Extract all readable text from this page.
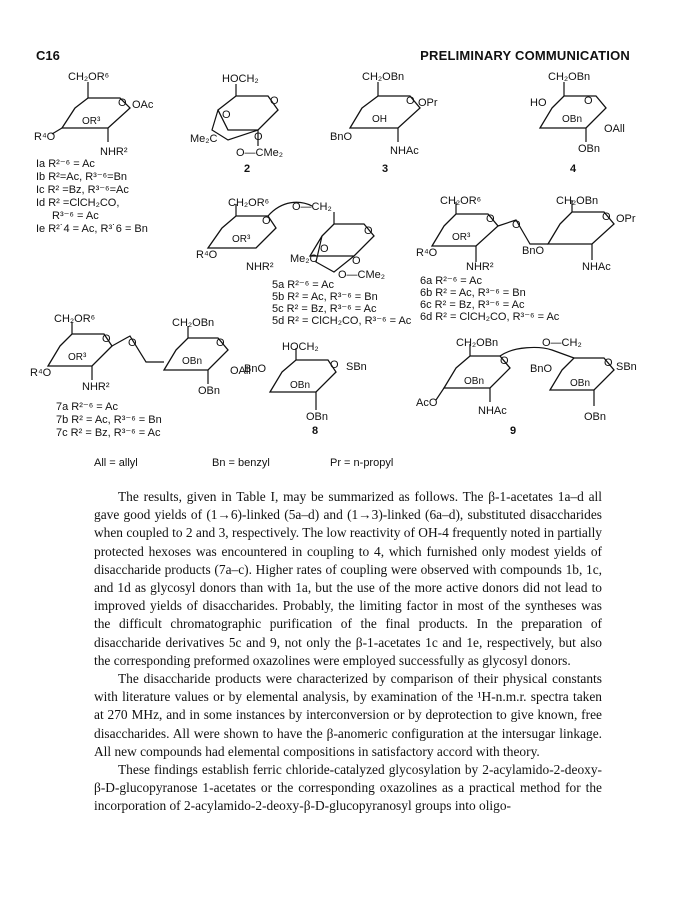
C16	PRELIMINARY COMMUNICATION
CH₂OR⁶
O OAc
OR³
R⁴O
NHR²
Ia R²⁻⁶ = Ac
Ib R²=Ac, R³⁻⁶=Bn
Ic R² =Bz, R³⁻⁶=Ac
Id R² =ClCH₂CO,
R³⁻⁶ = Ac
Ie R²˙4 = Ac, R³˙6 = Bn
HOCH₂
O
O
O
Me₂C
O—CMe₂
2
CH₂OBn
O OPr
OH
BnO
NHAc
3
CH₂OBn
O
HO
OBn
OAll
OBn
4
CH₂OR⁶ O—CH₂
O
O
OR³
R⁴O	Me₂C
NHR²
O
O
O—CMe₂
5a R²⁻⁶ = Ac
5b R² = Ac, R³⁻⁶ = Bn
5c R² = Bz, R³⁻⁶ = Ac
5d R² = ClCH₂CO, R³⁻⁶ = Ac
CH₂OR⁶	CH₂OBn
O	O
O	OPr
OR³
R⁴O	BnO
NHR²	NHAc
6a R²⁻⁶ = Ac
6b R² = Ac, R³⁻⁶ = Bn
6c R² = Bz, R³⁻⁶ = Ac
6d R² = ClCH₂CO, R³⁻⁶ = Ac
CH₂OR⁶	CH₂OBn
O	O
O
OR³
R⁴O
OBn
OAll
NHR²	OBn
7a R²⁻⁶ = Ac
7b R² = Ac, R³⁻⁶ = Bn
7c R² = Bz, R³⁻⁶ = Ac
HOCH₂
O SBn
BnO
OBn
OBn
8
CH₂OBn	O—CH₂
O	O SBn
OBn
BnO
OBn
AcO
NHAc	OBn
9
All = allyl	Bn = benzyl	Pr = n-propyl

The results, given in Table I, may be summarized as follows. The β-1-acetates 1a–d all gave good yields of (1→6)-linked (5a–d) and (1→3)-linked (6a–d), substituted disaccharides when coupled to 2 and 3, respectively. The low reactivity of OH-4 frequently noted in partially protected hexoses was encountered in coupling to 4, which furnished only modest yields of disaccharide products (7a–c). Higher rates of coupling were observed with compounds 1b, 1c, and 1d as glycosyl donors than with 1a, but the use of the more active donors did not lead to improved yields of disaccharides. Probably, the limiting factor in most of the syntheses was the difficult chromatographic purification of the final products. In the preparation of disaccharide derivatives 5c and 9, not only the β-1-acetates 1c and 1e, respectively, but also the corresponding preformed oxazolines were employed successfully as glycosyl donors.

The disaccharide products were characterized by comparison of their physical constants with literature values or by elemental analysis, by examination of the ¹H-n.m.r. spectra taken at 270 MHz, and in some instances by interconversion or by deprotection to give known, free disaccharides. All were shown to have the β-anomeric configuration at the intersugar linkage. All new compounds had elemental compositions in satisfactory accord with theory.

These findings establish ferric chloride-catalyzed glycosylation by 2-acylamido-2-deoxy-β-D-glucopyranose 1-acetates or the corresponding oxazolines as a practical method for the incorporation of 2-acylamido-2-deoxy-β-D-glucopyranosyl groups into oligo-
